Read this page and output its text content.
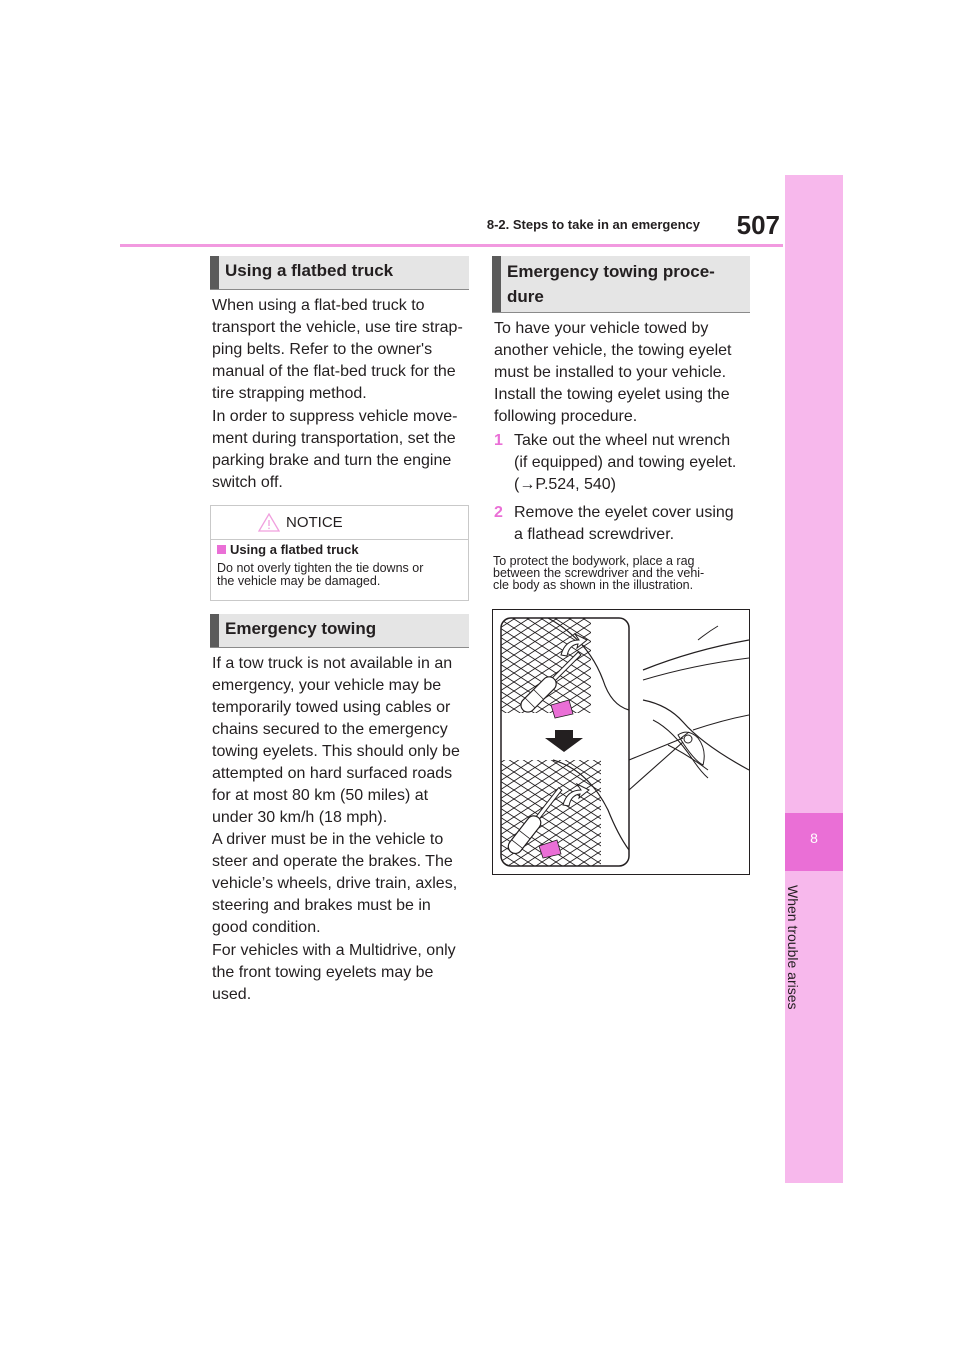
8-2. Steps to take in an emergency	507
8
When trouble arises
Using a flatbed truck

When using a flat-bed truck to

transport the vehicle, use tire strap-

ping belts. Refer to the owner's

manual of the flat-bed truck for the

tire strapping method.

In order to suppress vehicle move-

ment during transportation, set the

parking brake and turn the engine

switch off.

NOTICE
Using a flatbed truck
Do not overly tighten the tie downs or
the vehicle may be damaged.
Emergency towing

If a tow truck is not available in an

emergency, your vehicle may be

temporarily towed using cables or

chains secured to the emergency

towing eyelets. This should only be

attempted on hard surfaced roads

for at most 80 km (50 miles) at

under 30 km/h (18 mph).

A driver must be in the vehicle to

steer and operate the brakes. The

vehicle’s wheels, drive train, axles,

steering and brakes must be in

good condition.

For vehicles with a Multidrive, only

the front towing eyelets may be

used.

Emergency towing proce-
dure

To have your vehicle towed by

another vehicle, the towing eyelet

must be installed to your vehicle.

Install the towing eyelet using the

following procedure.

1 Take out the wheel nut wrench

(if equipped) and towing eyelet.

(→P.524, 540)

2 Remove the eyelet cover using

a flathead screwdriver.

To protect the bodywork, place a rag
between the screwdriver and the vehi-
cle body as shown in the illustration.
